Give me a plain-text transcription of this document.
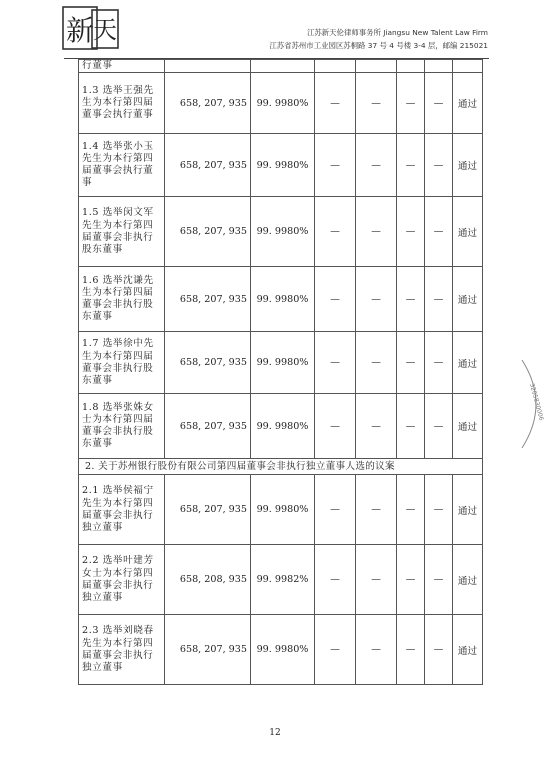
新
天	江苏新天伦律师事务所 Jiangsu New Talent Law Firm
江苏省苏州市工业园区苏桐路 37 号 4 号楼 3-4 层，邮编 215021
行董事							
1.3 选举王强先生为本行第四届董事会执行董事	658, 207, 935	99. 9980%	—	—	—	—	通过
1.4 选举张小玉先生为本行第四届董事会执行董事	658, 207, 935	99. 9980%	—	—	—	—	通过
1.5 选举闵文军先生为本行第四届董事会非执行股东董事	658, 207, 935	99. 9980%	—	—	—	—	通过
1.6 选举沈谦先生为本行第四届董事会非执行股东董事	658, 207, 935	99. 9980%	—	—	—	—	通过
1.7 选举徐中先生为本行第四届董事会非执行股东董事	658, 207, 935	99. 9980%	—	—	—	—	通过
1.8 选举张姝女士为本行第四届董事会非执行股东董事	658, 207, 935	99. 9980%	—	—	—	—	通过
2. 关于苏州银行股份有限公司第四届董事会非执行独立董事人选的议案							
2.1 选举侯福宁先生为本行第四届董事会非执行独立董事	658, 207, 935	99. 9980%	—	—	—	—	通过
2.2 选举叶建芳女士为本行第四届董事会非执行独立董事	658, 208, 935	99. 9982%	—	—	—	—	通过
2.3 选举刘晓春先生为本行第四届董事会非执行独立董事	658, 207, 935	99. 9980%	—	—	—	—	通过
3205830006
12
